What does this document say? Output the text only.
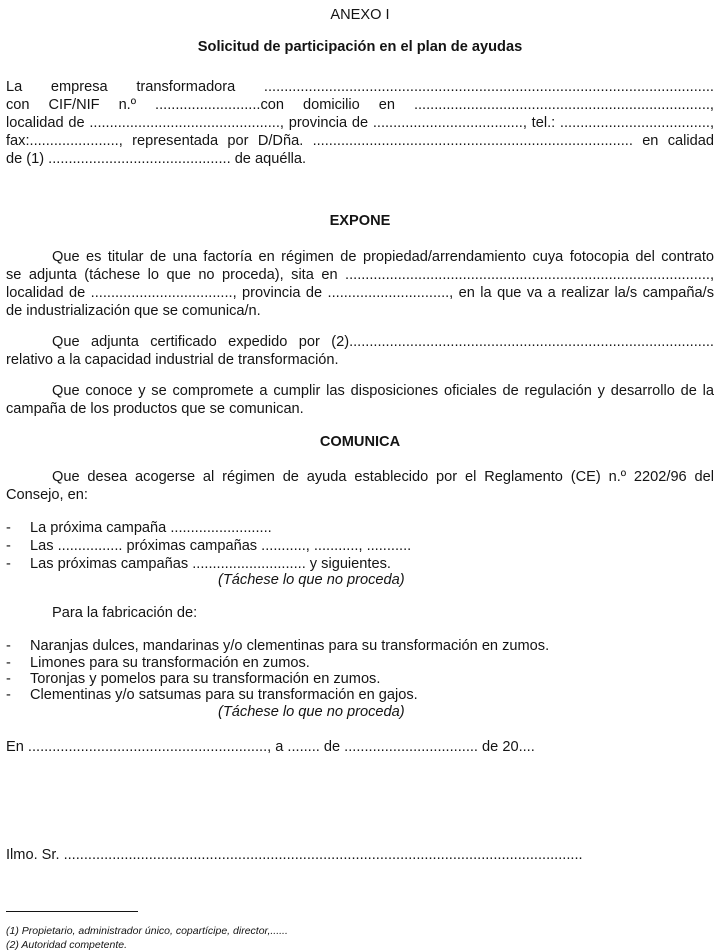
ANEXO I

Solicitud de participación en el plan de ayudas

La empresa transformadora ...............................................................................................................

con CIF/NIF n.º ..........................con domicilio en .........................................................................,

localidad de ..............................................., provincia de ....................................., tel.: .....................................,

fax:......................, representada por D/Dña. ............................................................................... en calidad

de (1) ............................................. de aquélla.

EXPONE

Que es titular de una factoría en régimen de propiedad/arrendamiento cuya fotocopia del contrato

se adjunta (táchese lo que no proceda), sita en ..........................................................................................,

localidad de ..................................., provincia de .............................., en la que va a realizar la/s campaña/s

de industrialización que se comunica/n.

Que adjunta certificado expedido por (2)..........................................................................................

relativo a la capacidad industrial de transformación.

Que conoce y se compromete a cumplir las disposiciones oficiales de regulación y desarrollo de la

campaña de los productos que se comunican.

COMUNICA

Que desea acogerse al régimen de ayuda establecido por el Reglamento (CE) n.º 2202/96 del

Consejo, en:

- La próxima campaña .........................
- Las ................ próximas campañas ..........., ..........., ...........
- Las próximas campañas ............................ y siguientes.

(Táchese lo que no proceda)

Para la fabricación de:

- Naranjas dulces, mandarinas y/o clementinas para su transformación en zumos.
- Limones para su transformación en zumos.
- Toronjas y pomelos para su transformación en zumos.
- Clementinas y/o satsumas para su transformación en gajos.

(Táchese lo que no proceda)

En ..........................................................., a ........ de ................................. de 20....

Ilmo. Sr. ................................................................................................................................

(1) Propietario, administrador único, copartícipe, director,......

(2) Autoridad competente.
